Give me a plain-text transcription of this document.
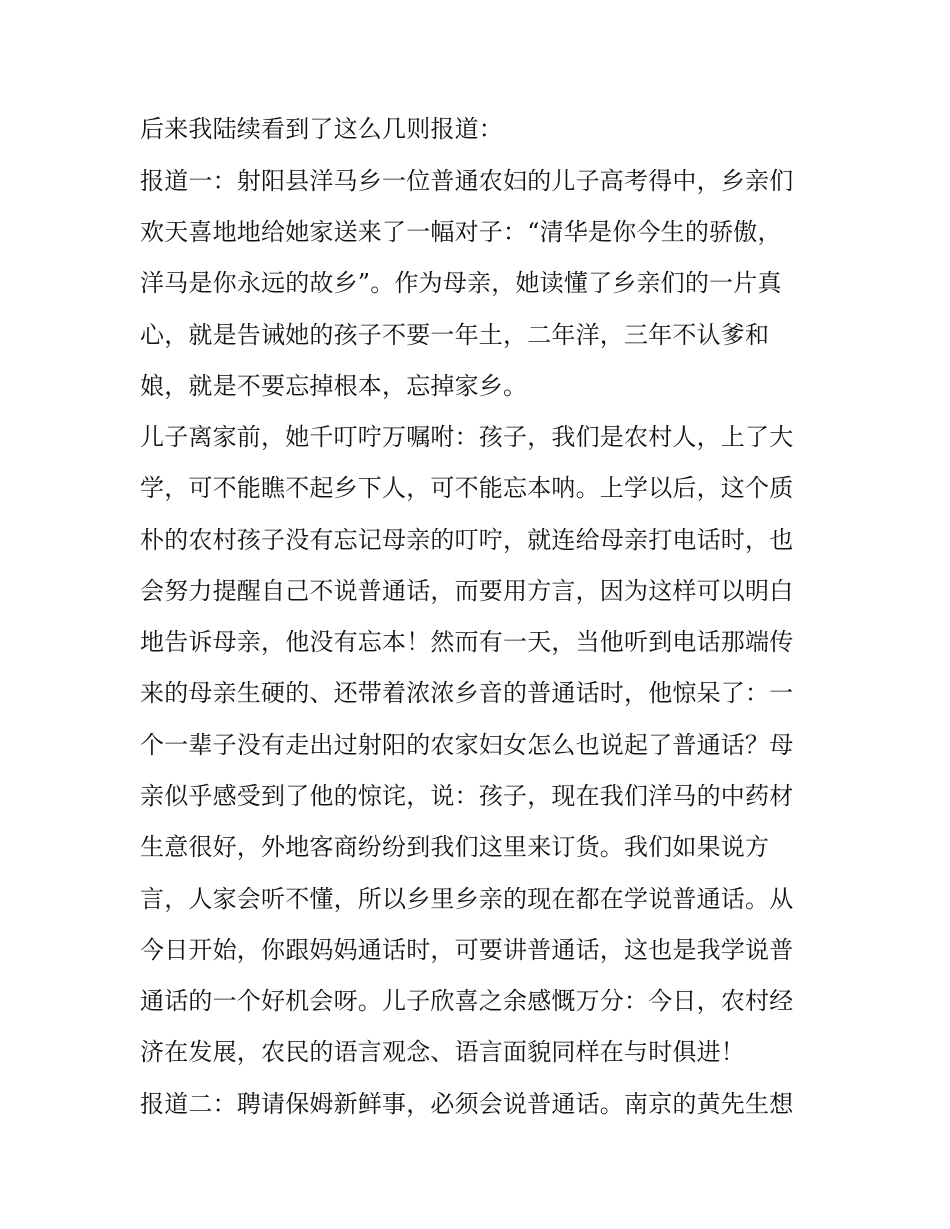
后来我陆续看到了这么几则报道：
报道一：射阳县洋马乡一位普通农妇的儿子高考得中，乡亲们
欢天喜地地给她家送来了一幅对子：“清华是你今生的骄傲，
洋马是你永远的故乡”。作为母亲，她读懂了乡亲们的一片真
心，就是告诫她的孩子不要一年土，二年洋，三年不认爹和
娘，就是不要忘掉根本，忘掉家乡。
儿子离家前，她千叮咛万嘱咐：孩子，我们是农村人，上了大
学，可不能瞧不起乡下人，可不能忘本呐。上学以后，这个质
朴的农村孩子没有忘记母亲的叮咛，就连给母亲打电话时，也
会努力提醒自己不说普通话，而要用方言，因为这样可以明白
地告诉母亲，他没有忘本！然而有一天，当他听到电话那端传
来的母亲生硬的、还带着浓浓乡音的普通话时，他惊呆了：一
个一辈子没有走出过射阳的农家妇女怎么也说起了普通话？母
亲似乎感受到了他的惊诧，说：孩子，现在我们洋马的中药材
生意很好，外地客商纷纷到我们这里来订货。我们如果说方
言，人家会听不懂，所以乡里乡亲的现在都在学说普通话。从
今日开始，你跟妈妈通话时，可要讲普通话，这也是我学说普
通话的一个好机会呀。儿子欣喜之余感慨万分：今日，农村经
济在发展，农民的语言观念、语言面貌同样在与时俱进！
报道二：聘请保姆新鲜事，必须会说普通话。南京的黄先生想
